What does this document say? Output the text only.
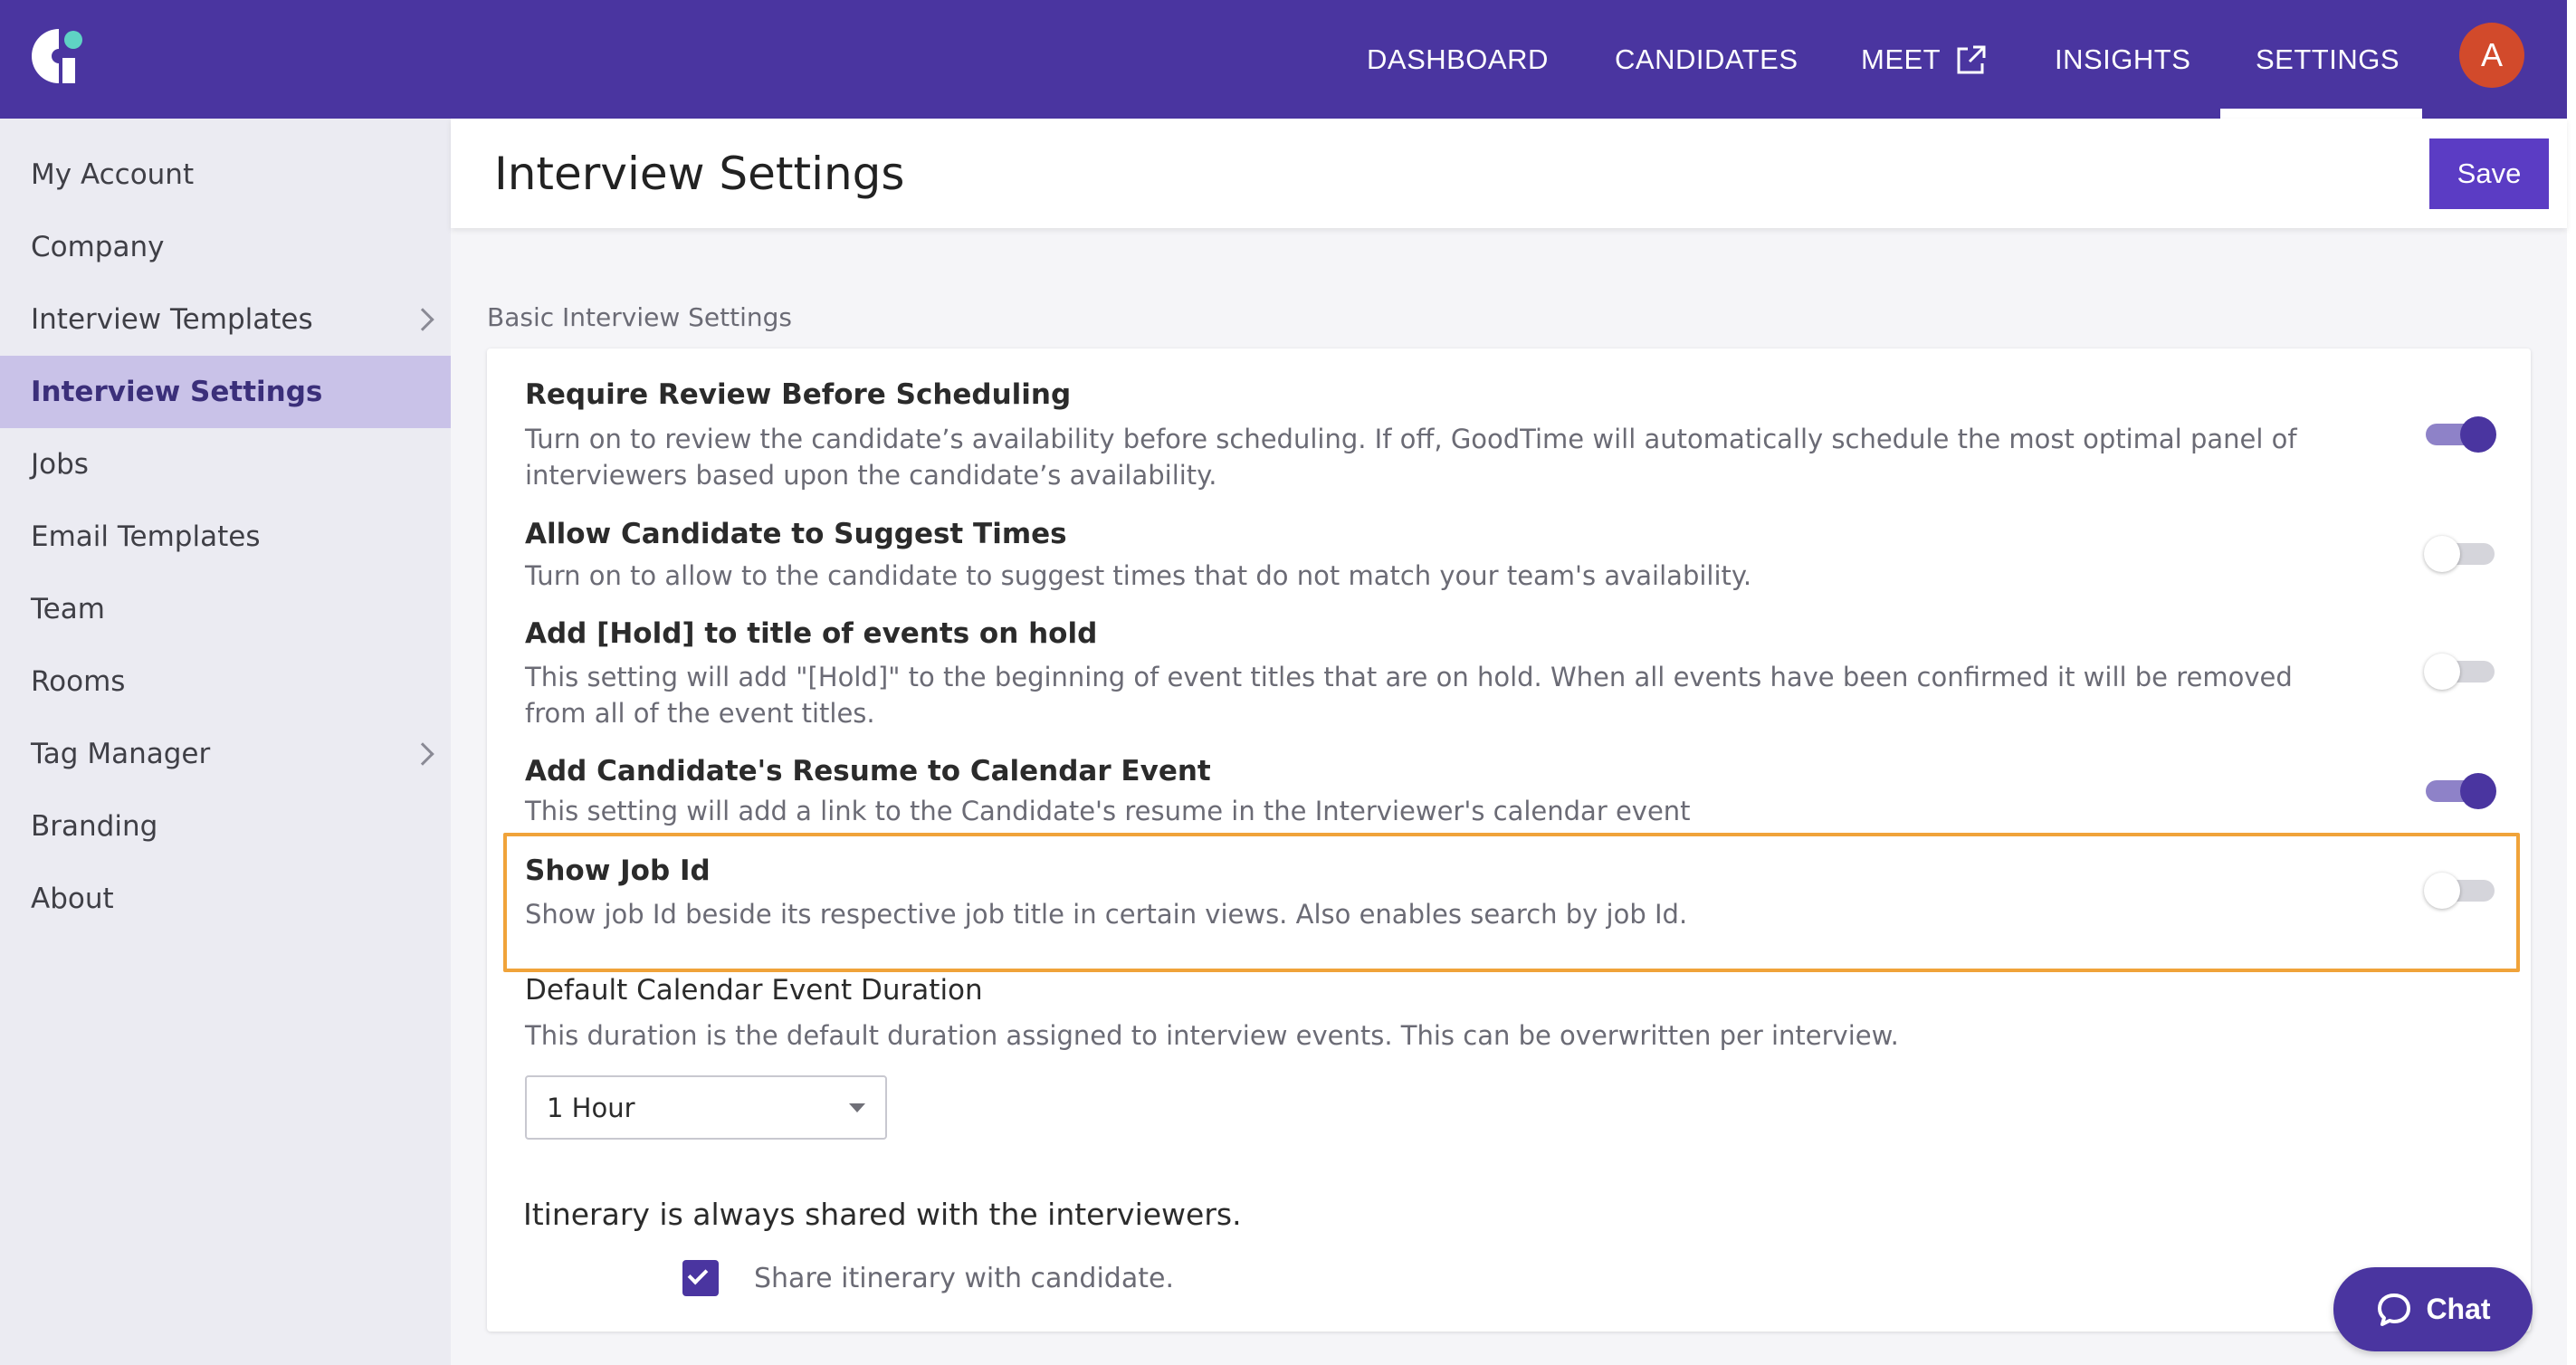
DASHBOARD CANDIDATES MEET	INSIGHTS SETTINGS A
My Account
Company
Interview Templates
Interview Settings
Jobs
Email Templates
Team
Rooms
Tag Manager
Branding
About
Interview Settings	Save
Basic Interview Settings
Require Review Before Scheduling
Turn on to review the candidate’s availability before scheduling. If off, GoodTime will automatically schedule the most optimal panel of interviewers based upon the candidate’s availability.
Allow Candidate to Suggest Times
Turn on to allow to the candidate to suggest times that do not match your team's availability.
Add [Hold] to title of events on hold
This setting will add "[Hold]" to the beginning of event titles that are on hold. When all events have been confirmed it will be removed from all of the event titles.
Add Candidate's Resume to Calendar Event
This setting will add a link to the Candidate's resume in the Interviewer's calendar event
Show Job Id
Show job Id beside its respective job title in certain views. Also enables search by job Id.
Default Calendar Event Duration
This duration is the default duration assigned to interview events. This can be overwritten per interview.
1 Hour
Itinerary is always shared with the interviewers.
Share itinerary with candidate.
Chat
